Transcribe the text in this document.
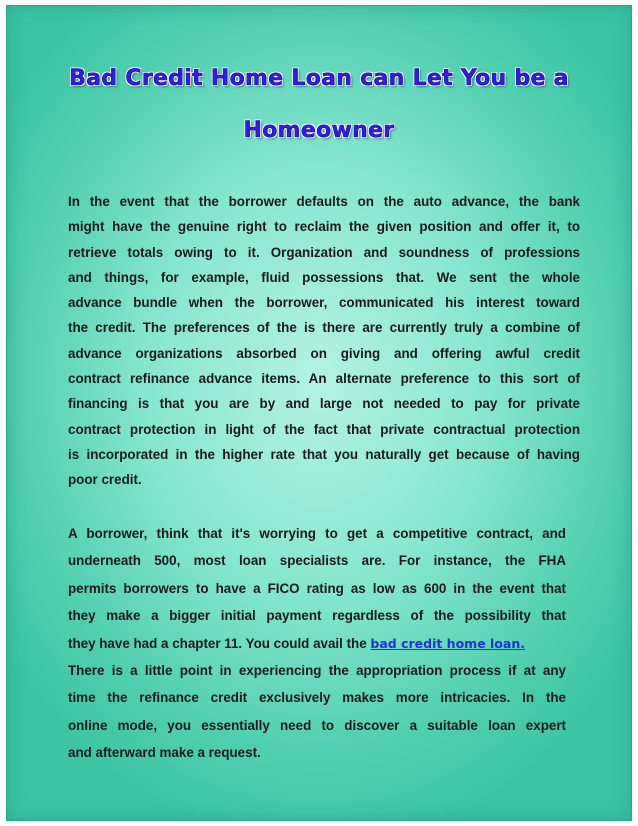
Bad Credit Home Loan can Let You be a
Homeowner
In the event that the borrower defaults on the auto advance, the bank
might have the genuine right to reclaim the given position and offer it, to
retrieve totals owing to it. Organization and soundness of professions
and things, for example, fluid possessions that. We sent the whole
advance bundle when the borrower, communicated his interest toward
the credit. The preferences of the is there are currently truly a combine of
advance organizations absorbed on giving and offering awful credit
contract refinance advance items. An alternate preference to this sort of
financing is that you are by and large not needed to pay for private
contract protection in light of the fact that private contractual protection
is incorporated in the higher rate that you naturally get because of having
poor credit.
A borrower, think that it's worrying to get a competitive contract, and
underneath 500, most loan specialists are. For instance, the FHA
permits borrowers to have a FICO rating as low as 600 in the event that
they make a bigger initial payment regardless of the possibility that
they have had a chapter 11. You could avail the bad credit home loan.
There is a little point in experiencing the appropriation process if at any
time the refinance credit exclusively makes more intricacies. In the
online mode, you essentially need to discover a suitable loan expert
and afterward make a request.
